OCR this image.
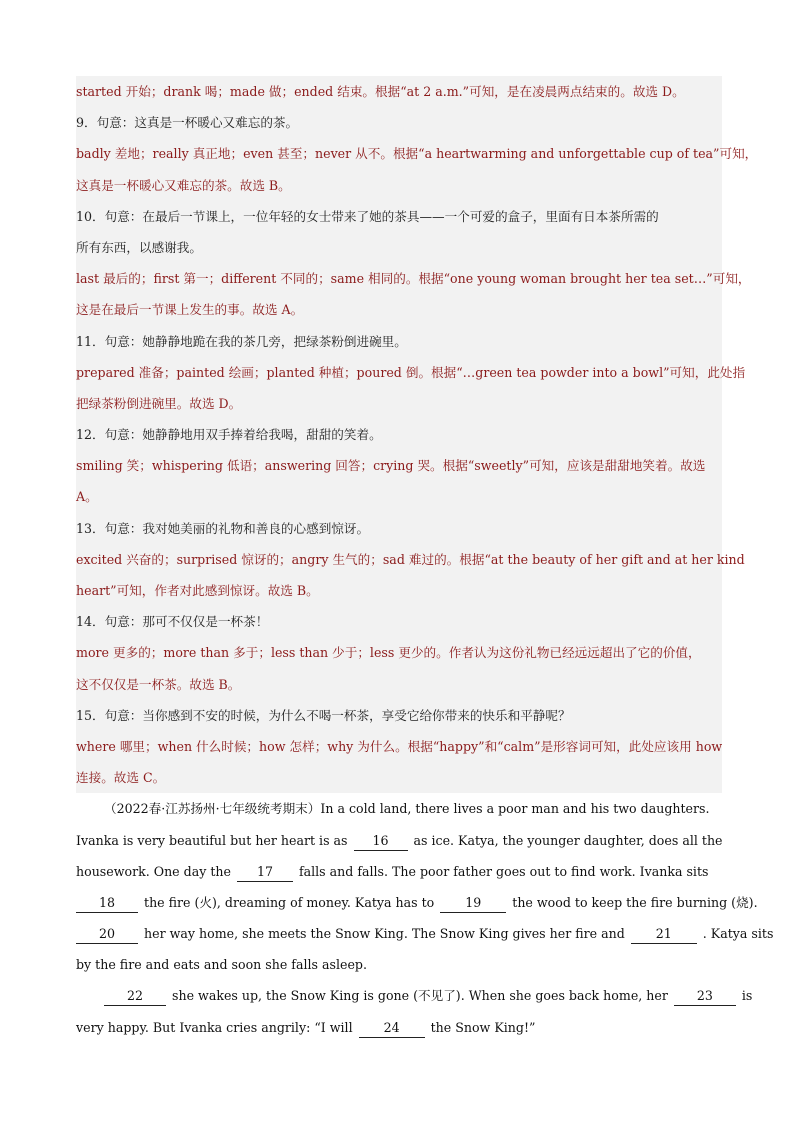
started 开始；drank 喝；made 做；ended 结束。根据“at 2 a.m.”可知，是在凌晨两点结束的。故选 D。
9．句意：这真是一杯暖心又难忘的茶。
badly 差地；really 真正地；even 甚至；never 从不。根据“a heartwarming and unforgettable cup of tea”可知，
这真是一杯暖心又难忘的茶。故选 B。
10．句意：在最后一节课上，一位年轻的女士带来了她的茶具——一个可爱的盒子，里面有日本茶所需的
所有东西，以感谢我。
last 最后的；first 第一；different 不同的；same 相同的。根据“one young woman brought her tea set…”可知，
这是在最后一节课上发生的事。故选 A。
11．句意：她静静地跪在我的茶几旁，把绿茶粉倒进碗里。
prepared 准备；painted 绘画；planted 种植；poured 倒。根据“…green tea powder into a bowl”可知，此处指
把绿茶粉倒进碗里。故选 D。
12．句意：她静静地用双手捧着给我喝，甜甜的笑着。
smiling 笑；whispering 低语；answering 回答；crying 哭。根据“sweetly”可知，应该是甜甜地笑着。故选
A。
13．句意：我对她美丽的礼物和善良的心感到惊讶。
excited 兴奋的；surprised 惊讶的；angry 生气的；sad 难过的。根据“at the beauty of her gift and at her kind
heart”可知，作者对此感到惊讶。故选 B。
14．句意：那可不仅仅是一杯茶！
more 更多的；more than 多于；less than 少于；less 更少的。作者认为这份礼物已经远远超出了它的价值，
这不仅仅是一杯茶。故选 B。
15．句意：当你感到不安的时候，为什么不喝一杯茶，享受它给你带来的快乐和平静呢？
where 哪里；when 什么时候；how 怎样；why 为什么。根据“happy”和“calm”是形容词可知，此处应该用 how
连接。故选 C。
（2022春·江苏扬州·七年级统考期末）In a cold land, there lives a poor man and his two daughters.
Ivanka is very beautiful but her heart is as 16 as ice. Katya, the younger daughter, does all the
housework. One day the 17 falls and falls. The poor father goes out to find work. Ivanka sits
18 the fire (火), dreaming of money. Katya has to 19 the wood to keep the fire burning (烧).
20 her way home, she meets the Snow King. The Snow King gives her fire and 21 . Katya sits
by the fire and eats and soon she falls asleep.
22 she wakes up, the Snow King is gone (不见了). When she goes back home, her 23 is
very happy. But Ivanka cries angrily: “I will 24 the Snow King!”
